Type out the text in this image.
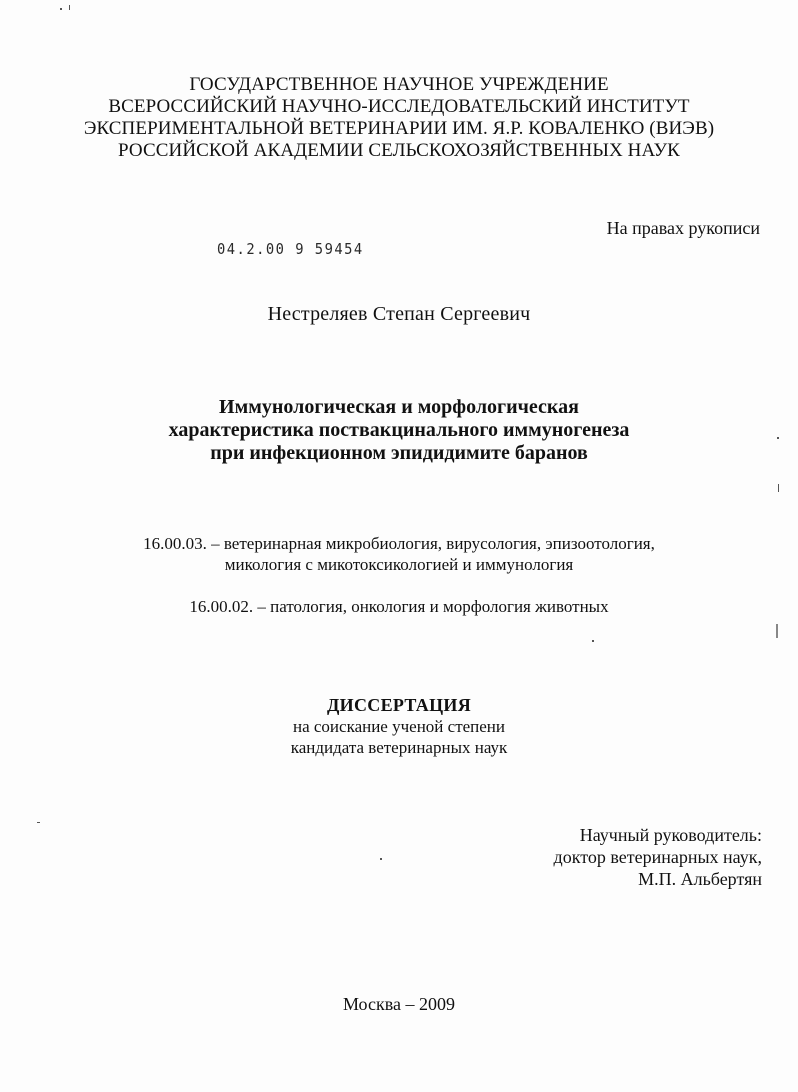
ГОСУДАРСТВЕННОЕ НАУЧНОЕ УЧРЕЖДЕНИЕ
ВСЕРОССИЙСКИЙ НАУЧНО-ИССЛЕДОВАТЕЛЬСКИЙ ИНСТИТУТ
ЭКСПЕРИМЕНТАЛЬНОЙ ВЕТЕРИНАРИИ ИМ. Я.Р. КОВАЛЕНКО (ВИЭВ)
РОССИЙСКОЙ АКАДЕМИИ СЕЛЬСКОХОЗЯЙСТВЕННЫХ НАУК
На правах рукописи
04.2.00 9 59454
Нестреляев Степан Сергеевич
Иммунологическая и морфологическая
характеристика поствакцинального иммуногенеза
при инфекционном эпидидимите баранов
16.00.03. – ветеринарная микробиология, вирусология, эпизоотология,
микология с микотоксикологией и иммунология
16.00.02. – патология, онкология и морфология животных
ДИССЕРТАЦИЯ
на соискание ученой степени
кандидата ветеринарных наук
Научный руководитель:
доктор ветеринарных наук,
М.П. Альбертян
Москва – 2009
